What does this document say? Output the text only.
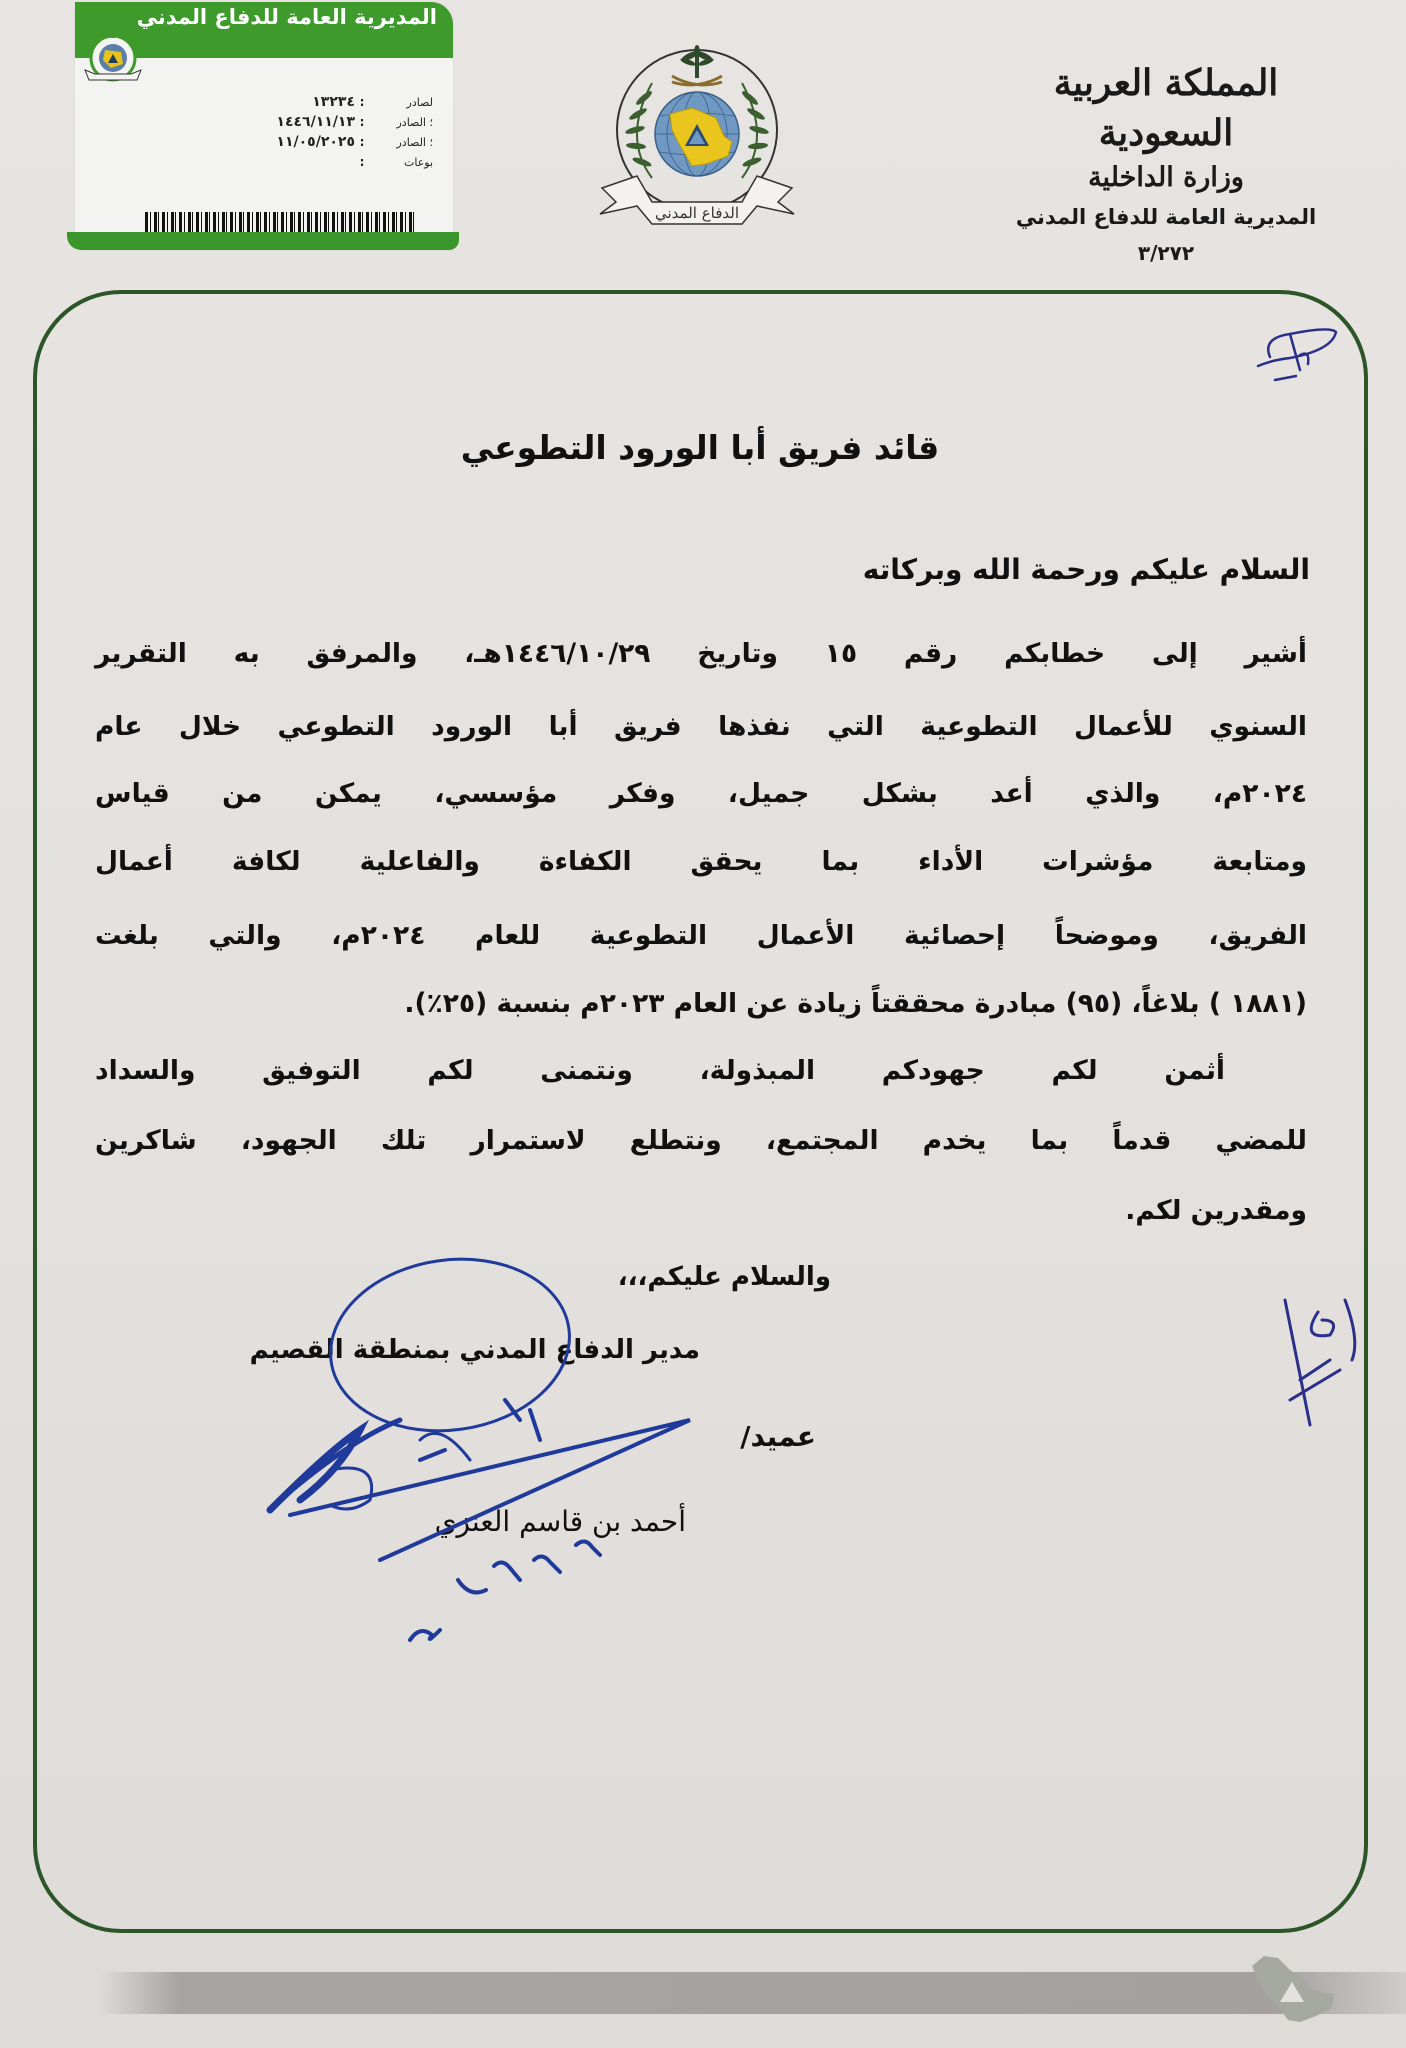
المديرية العامة للدفاع المدني
لصادر
:
١٣٢٣٤
؛ الصادر
:
١٤٤٦/١١/١٣
؛ الصادر
:
١١/٠٥/٢٠٢٥
بوعات
:
الدفاع المدني
المملكة العربية السعودية
وزارة الداخلية
المديرية العامة للدفاع المدني
٣/٢٧٢
قائد فريق أبا الورود التطوعي
السلام عليكم ورحمة الله وبركاته
أشير إلى خطابكم رقم ١٥ وتاريخ ١٤٤٦/١٠/٢٩هـ، والمرفق به التقرير
السنوي للأعمال التطوعية التي نفذها فريق أبا الورود التطوعي خلال عام
٢٠٢٤م، والذي أعد بشكل جميل، وفكر مؤسسي، يمكن من قياس
ومتابعة مؤشرات الأداء بما يحقق الكفاءة والفاعلية لكافة أعمال
الفريق، وموضحاً إحصائية الأعمال التطوعية للعام ٢٠٢٤م، والتي بلغت
(١٨٨١ ) بلاغاً، (٩٥) مبادرة محققتاً زيادة عن العام ٢٠٢٣م بنسبة (٢٥٪).
أثمن لكم جهودكم المبذولة، ونتمنى لكم التوفيق والسداد
للمضي قدماً بما يخدم المجتمع، ونتطلع لاستمرار تلك الجهود، شاكرين
ومقدرين لكم.
والسلام عليكم،،،
مدير الدفاع المدني بمنطقة القصيم
عميد/
أحمد بن قاسم العنزي
